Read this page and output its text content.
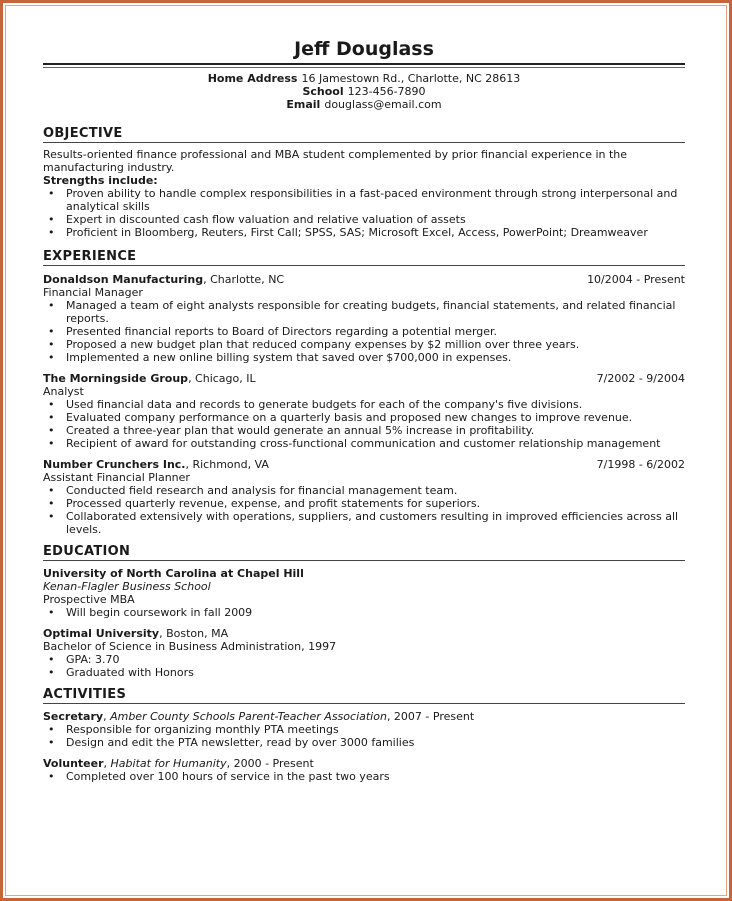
Jeff Douglass
Home Address 16 Jamestown Rd., Charlotte, NC 28613
School 123-456-7890
Email douglass@email.com
OBJECTIVE
Results-oriented finance professional and MBA student complemented by prior financial experience in the manufacturing industry.
Strengths include:
• Proven ability to handle complex responsibilities in a fast-paced environment through strong interpersonal and analytical skills
• Expert in discounted cash flow valuation and relative valuation of assets
• Proficient in Bloomberg, Reuters, First Call; SPSS, SAS; Microsoft Excel, Access, PowerPoint; Dreamweaver
EXPERIENCE
Donaldson Manufacturing, Charlotte, NC	10/2004 - Present
Financial Manager
• Managed a team of eight analysts responsible for creating budgets, financial statements, and related financial reports.
• Presented financial reports to Board of Directors regarding a potential merger.
• Proposed a new budget plan that reduced company expenses by $2 million over three years.
• Implemented a new online billing system that saved over $700,000 in expenses.
The Morningside Group, Chicago, IL	7/2002 - 9/2004
Analyst
• Used financial data and records to generate budgets for each of the company's five divisions.
• Evaluated company performance on a quarterly basis and proposed new changes to improve revenue.
• Created a three-year plan that would generate an annual 5% increase in profitability.
• Recipient of award for outstanding cross-functional communication and customer relationship management
Number Crunchers Inc., Richmond, VA	7/1998 - 6/2002
Assistant Financial Planner
• Conducted field research and analysis for financial management team.
• Processed quarterly revenue, expense, and profit statements for superiors.
• Collaborated extensively with operations, suppliers, and customers resulting in improved efficiencies across all levels.
EDUCATION
University of North Carolina at Chapel Hill
Kenan-Flagler Business School
Prospective MBA
• Will begin coursework in fall 2009
Optimal University, Boston, MA
Bachelor of Science in Business Administration, 1997
• GPA: 3.70
• Graduated with Honors
ACTIVITIES
Secretary, Amber County Schools Parent-Teacher Association, 2007 - Present
• Responsible for organizing monthly PTA meetings
• Design and edit the PTA newsletter, read by over 3000 families
Volunteer, Habitat for Humanity, 2000 - Present
• Completed over 100 hours of service in the past two years
